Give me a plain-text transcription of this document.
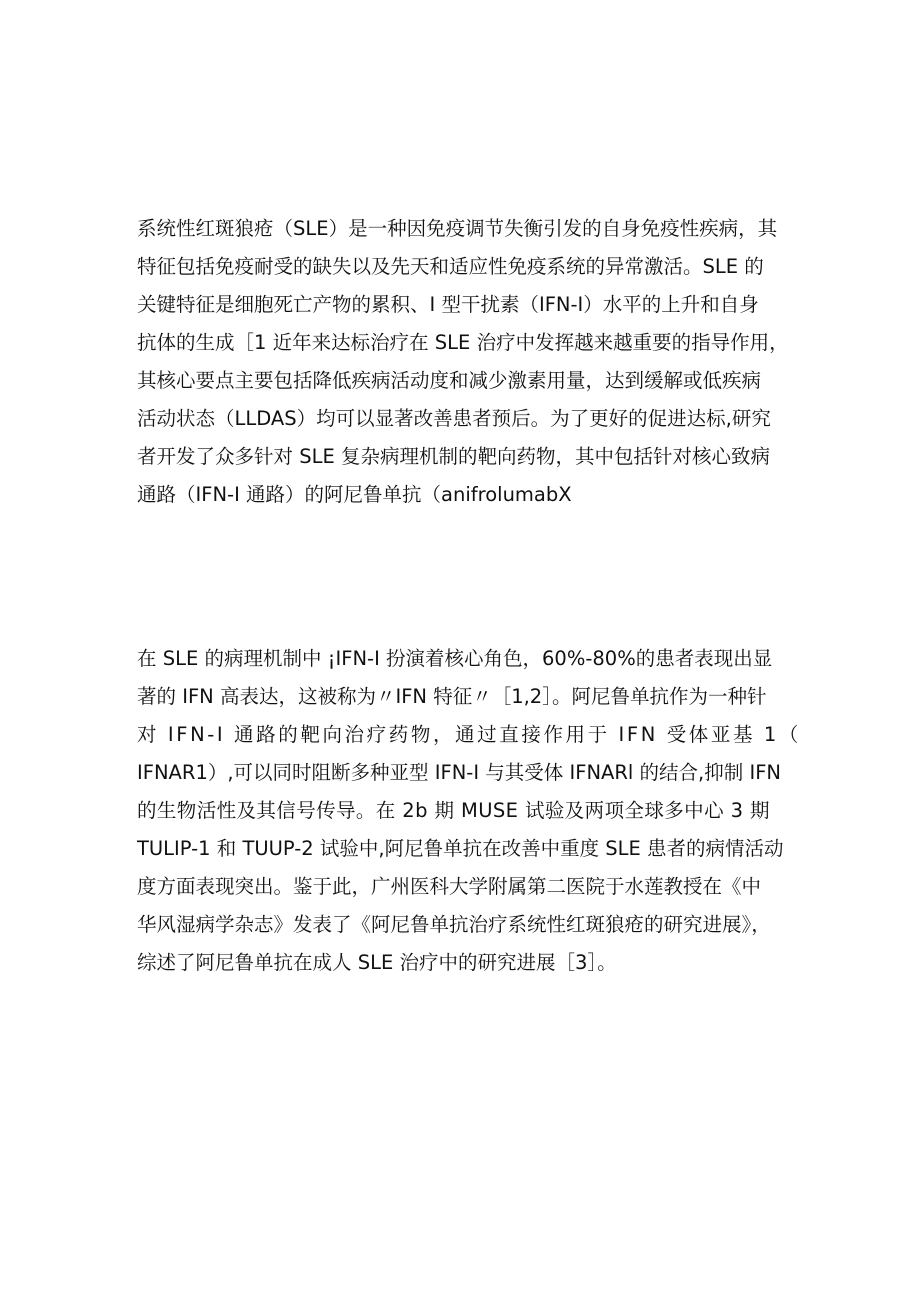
系统性红斑狼疮（SLE）是一种因免疫调节失衡引发的自身免疫性疾病，其
特征包括免疫耐受的缺失以及先天和适应性免疫系统的异常激活。SLE 的
关键特征是细胞死亡产物的累积、I 型干扰素（IFN-I）水平的上升和自身
抗体的生成［1 近年来达标治疗在 SLE 治疗中发挥越来越重要的指导作用，
其核心要点主要包括降低疾病活动度和减少激素用量，达到缓解或低疾病
活动状态（LLDAS）均可以显著改善患者预后。为了更好的促进达标,研究
者开发了众多针对 SLE 复杂病理机制的靶向药物，其中包括针对核心致病
通路（IFN-I 通路）的阿尼鲁单抗（anifrolumabX
在 SLE 的病理机制中 ¡IFN-I 扮演着核心角色，60%-80%的患者表现出显
著的 IFN 高表达，这被称为〃IFN 特征〃［1,2］。阿尼鲁单抗作为一种针
对 IFN-I 通路的靶向治疗药物，通过直接作用于 IFN 受体亚基 1（
IFNAR1）,可以同时阻断多种亚型 IFN-I 与其受体 IFNARl 的结合,抑制 IFN
的生物活性及其信号传导。在 2b 期 MUSE 试验及两项全球多中心 3 期
TULIP-1 和 TUUP-2 试验中,阿尼鲁单抗在改善中重度 SLE 患者的病情活动
度方面表现突出。鉴于此，广州医科大学附属第二医院于水莲教授在《中
华风湿病学杂志》发表了《阿尼鲁单抗治疗系统性红斑狼疮的研究进展》，
综述了阿尼鲁单抗在成人 SLE 治疗中的研究进展［3］。
